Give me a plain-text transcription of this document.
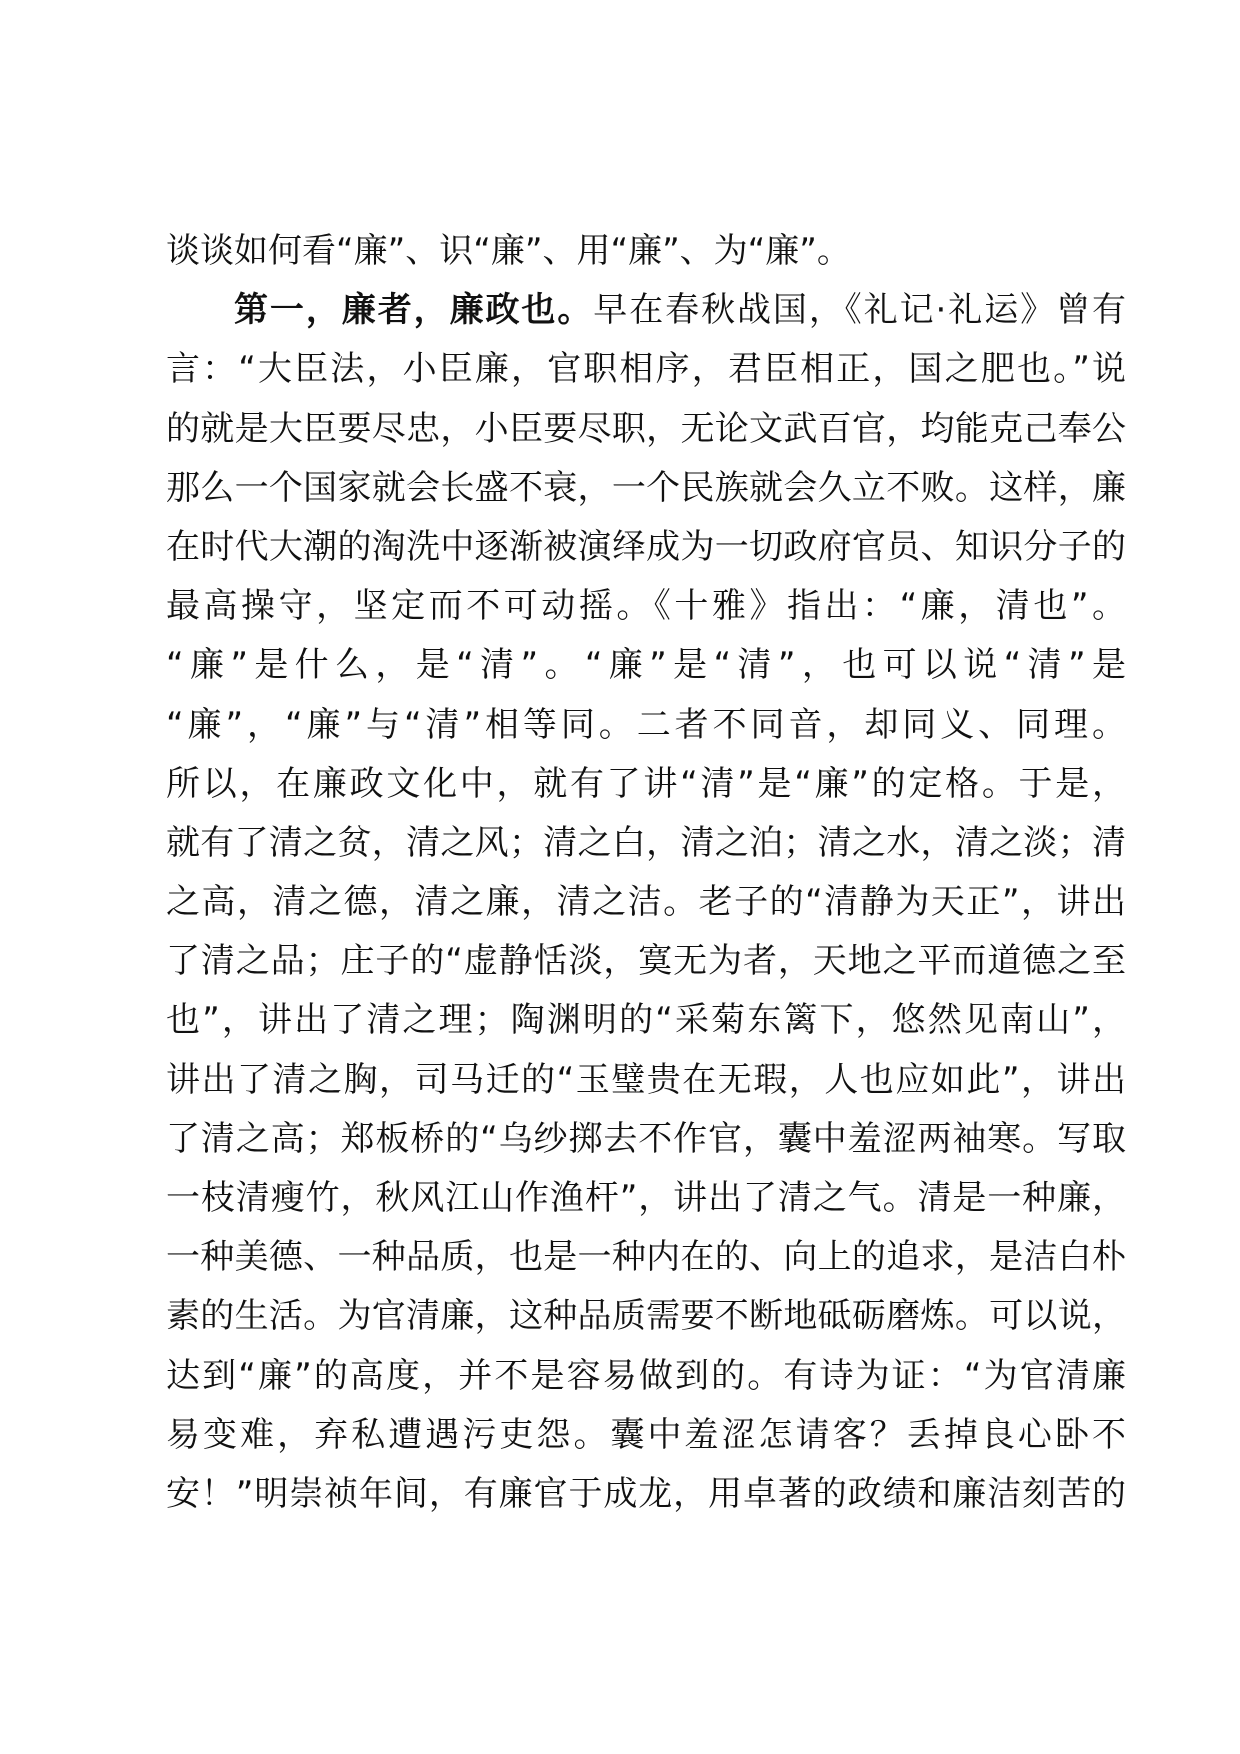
谈谈如何看“廉”、识“廉”、用“廉”、为“廉”。
第一，廉者，廉政也。早在春秋战国，《礼记·礼运》曾有
言：“大臣法，小臣廉，官职相序，君臣相正，国之肥也。”说
的就是大臣要尽忠，小臣要尽职，无论文武百官，均能克己奉公
那么一个国家就会长盛不衰，一个民族就会久立不败。这样，廉
在时代大潮的淘洗中逐渐被演绎成为一切政府官员、知识分子的
最高操守，坚定而不可动摇。《十雅》指出：“廉，清也”。
“廉”是什么，是“清”。“廉”是“清”，也可以说“清”是
“廉”，“廉”与“清”相等同。二者不同音，却同义、同理。
所以，在廉政文化中，就有了讲“清”是“廉”的定格。于是，
就有了清之贫，清之风；清之白，清之泊；清之水，清之淡；清
之高，清之德，清之廉，清之洁。老子的“清静为天正”，讲出
了清之品；庄子的“虚静恬淡，寞无为者，天地之平而道德之至
也”，讲出了清之理；陶渊明的“采菊东篱下，悠然见南山”，
讲出了清之胸，司马迁的“玉璧贵在无瑕，人也应如此”，讲出
了清之高；郑板桥的“乌纱掷去不作官，囊中羞涩两袖寒。写取
一枝清瘦竹，秋风江山作渔杆”，讲出了清之气。清是一种廉，
一种美德、一种品质，也是一种内在的、向上的追求，是洁白朴
素的生活。为官清廉，这种品质需要不断地砥砺磨炼。可以说，
达到“廉”的高度，并不是容易做到的。有诗为证：“为官清廉
易变难，弃私遭遇污吏怨。囊中羞涩怎请客？丢掉良心卧不
安！”明崇祯年间，有廉官于成龙，用卓著的政绩和廉洁刻苦的
